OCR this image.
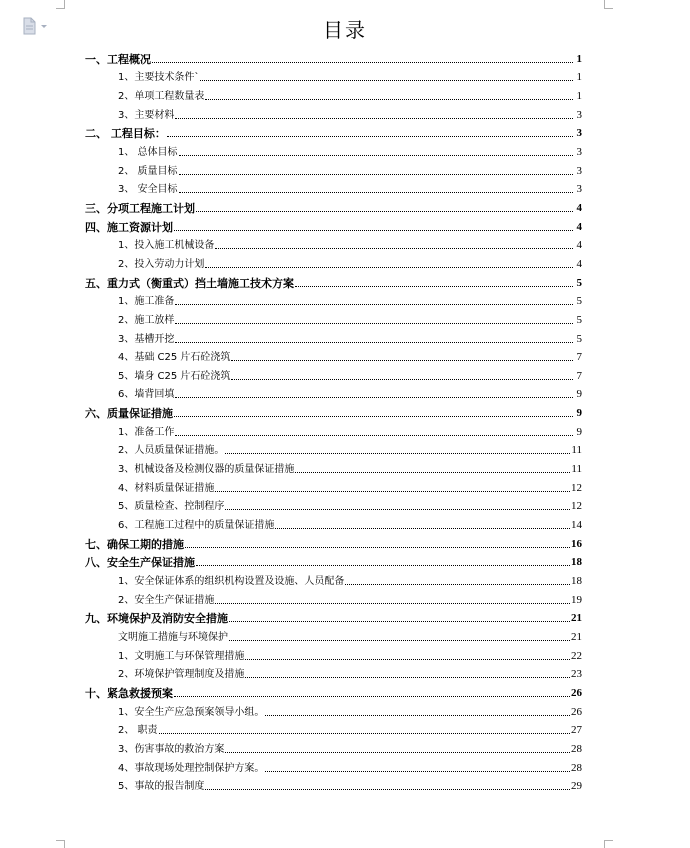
目录
一、工程概况	1
1、主要技术条件`	1
2、单项工程数量表	1
3、主要材料	3
二、 工程目标：	3
1、 总体目标	3
2、 质量目标	3
3、 安全目标	3
三、分项工程施工计划	4
四、施工资源计划	4
1、投入施工机械设备	4
2、投入劳动力计划	4
五、重力式（衡重式）挡土墙施工技术方案	5
1、施工准备	5
2、施工放样	5
3、基槽开挖	5
4、基础 C25 片石砼浇筑	7
5、墙身 C25 片石砼浇筑	7
6、墙背回填	9
六、质量保证措施	9
1、准备工作	9
2、人员质量保证措施。	11
3、机械设备及检测仪器的质量保证措施	11
4、材料质量保证措施	12
5、质量检查、控制程序	12
6、工程施工过程中的质量保证措施	14
七、确保工期的措施	16
八、安全生产保证措施	18
1、安全保证体系的组织机构设置及设施、人员配备	18
2、安全生产保证措施	19
九、环境保护及消防安全措施	21
文明施工措施与环境保护	21
1、文明施工与环保管理措施	22
2、环境保护管理制度及措施	23
十、紧急救援预案	26
1、安全生产应急预案领导小组。	26
2、 职责	27
3、伤害事故的救治方案	28
4、事故现场处理控制保护方案。	28
5、事故的报告制度	29
